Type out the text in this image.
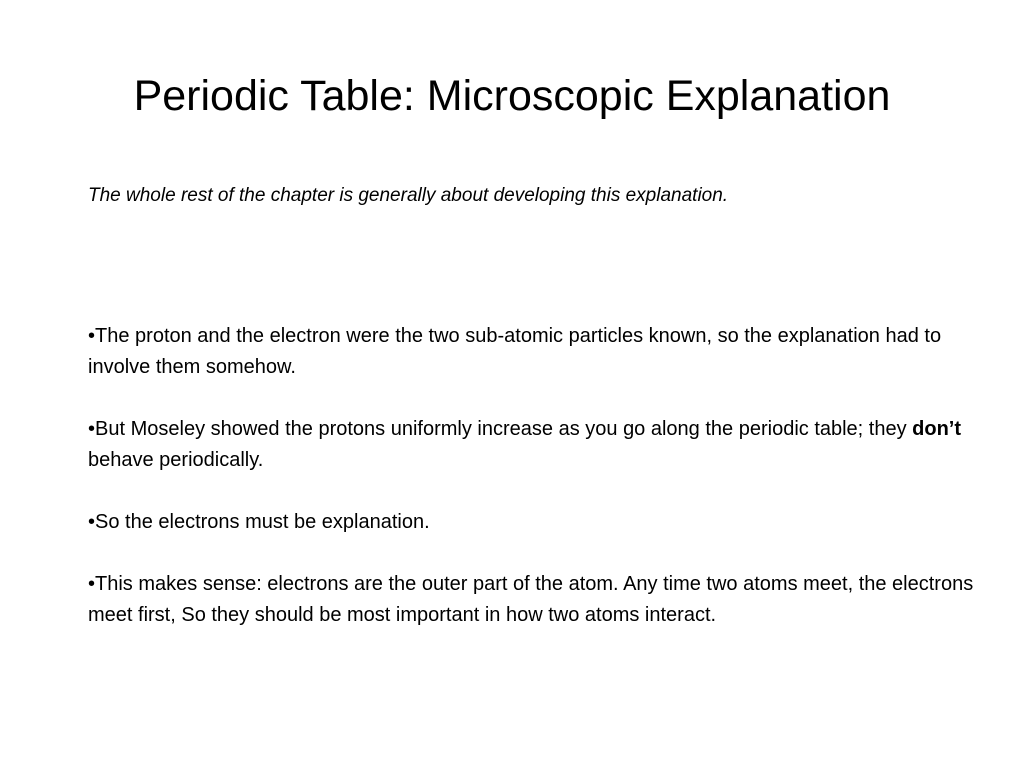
Periodic Table: Microscopic Explanation
The whole rest of the chapter is generally about developing this explanation.
•The proton and the electron were the two sub-atomic particles known, so the explanation had to involve them somehow.
•But Moseley showed the protons uniformly increase as you go along the periodic table; they don’t behave periodically.
•So the electrons must be explanation.
•This makes sense: electrons are the outer part of the atom. Any time two atoms meet, the electrons meet first, So they should be most important in how two atoms interact.
